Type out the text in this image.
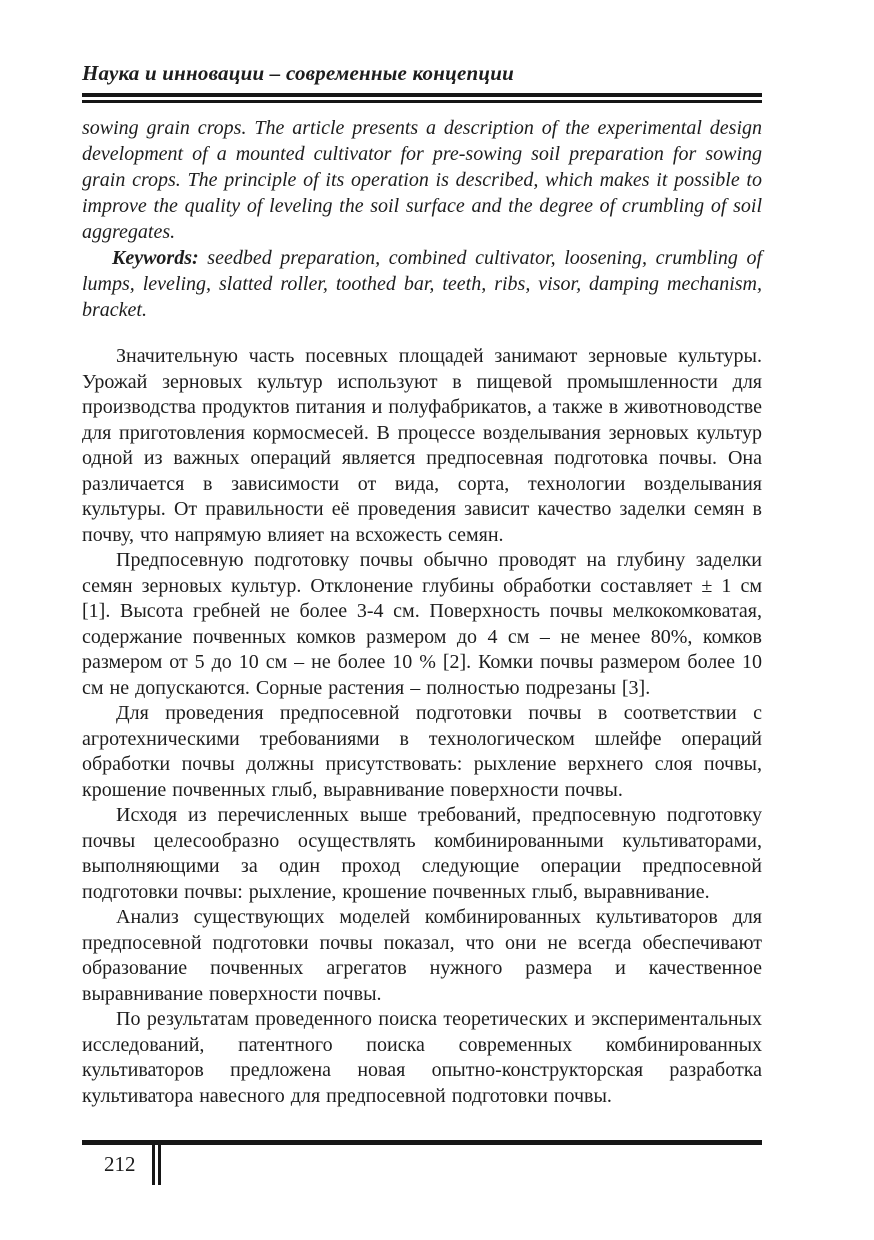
Наука и инновации – современные концепции

sowing grain crops. The article presents a description of the experimental design development of a mounted cultivator for pre-sowing soil preparation for sowing grain crops. The principle of its operation is described, which makes it possible to improve the quality of leveling the soil surface and the degree of crumbling of soil aggregates.

Keywords: seedbed preparation, combined cultivator, loosening, crumbling of lumps, leveling, slatted roller, toothed bar, teeth, ribs, visor, damping mechanism, bracket.

Значительную часть посевных площадей занимают зерновые культуры. Урожай зерновых культур используют в пищевой промышленности для производства продуктов питания и полуфабрикатов, а также в животноводстве для приготовления кормосмесей. В процессе возделывания зерновых культур одной из важных операций является предпосевная подготовка почвы. Она различается в зависимости от вида, сорта, технологии возделывания культуры. От правильности её проведения зависит качество заделки семян в почву, что напрямую влияет на всхожесть семян.

Предпосевную подготовку почвы обычно проводят на глубину заделки семян зерновых культур. Отклонение глубины обработки составляет ± 1 см [1]. Высота гребней не более 3-4 см. Поверхность почвы мелкокомковатая, содержание почвенных комков размером до 4 см – не менее 80%, комков размером от 5 до 10 см – не более 10 % [2]. Комки почвы размером более 10 см не допускаются. Сорные растения – полностью подрезаны [3].

Для проведения предпосевной подготовки почвы в соответствии с агротехническими требованиями в технологическом шлейфе операций обработки почвы должны присутствовать: рыхление верхнего слоя почвы, крошение почвенных глыб, выравнивание поверхности почвы.

Исходя из перечисленных выше требований, предпосевную подготовку почвы целесообразно осуществлять комбинированными культиваторами, выполняющими за один проход следующие операции предпосевной подготовки почвы: рыхление, крошение почвенных глыб, выравнивание.

Анализ существующих моделей комбинированных культиваторов для предпосевной подготовки почвы показал, что они не всегда обеспечивают образование почвенных агрегатов нужного размера и качественное выравнивание поверхности почвы.

По результатам проведенного поиска теоретических и экспериментальных исследований, патентного поиска современных комбинированных культиваторов предложена новая опытно-конструкторская разработка культиватора навесного для предпосевной подготовки почвы.

212
